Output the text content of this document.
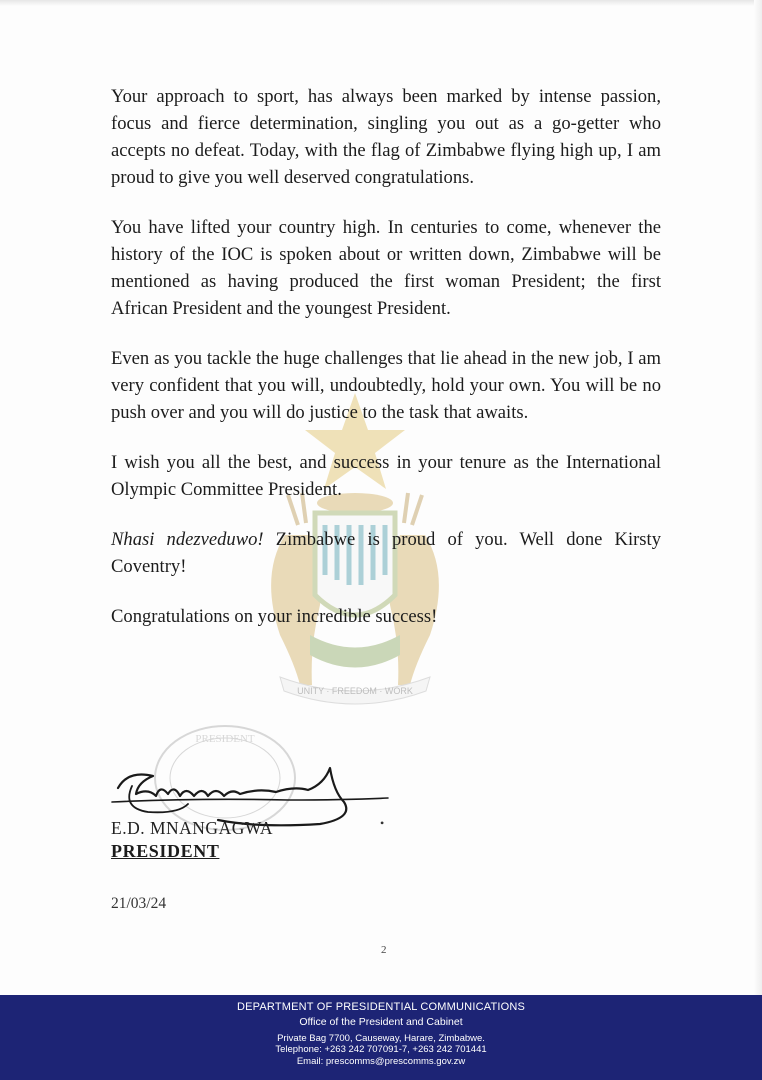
UNITY · FREEDOM · WORK

Your approach to sport, has always been marked by intense passion, focus and fierce determination, singling you out as a go-getter who accepts no defeat. Today, with the flag of Zimbabwe flying high up, I am proud to give you well deserved congratulations.

You have lifted your country high. In centuries to come, whenever the history of the IOC is spoken about or written down, Zimbabwe will be mentioned as having produced the first woman President; the first African President and the youngest President.

Even as you tackle the huge challenges that lie ahead in the new job, I am very confident that you will, undoubtedly, hold your own. You will be no push over and you will do justice to the task that awaits.

I wish you all the best, and success in your tenure as the International Olympic Committee President.

Nhasi ndezveduwo! Zimbabwe is proud of you. Well done Kirsty Coventry!

Congratulations on your incredible success!

PRESIDENT
E.D. MNANGAGWA
PRESIDENT
•
21/03/24
2
DEPARTMENT OF PRESIDENTIAL COMMUNICATIONS
Office of the President and Cabinet
Private Bag 7700, Causeway, Harare, Zimbabwe.
Telephone: +263 242 707091-7, +263 242 701441
Email: prescomms@prescomms.gov.zw
